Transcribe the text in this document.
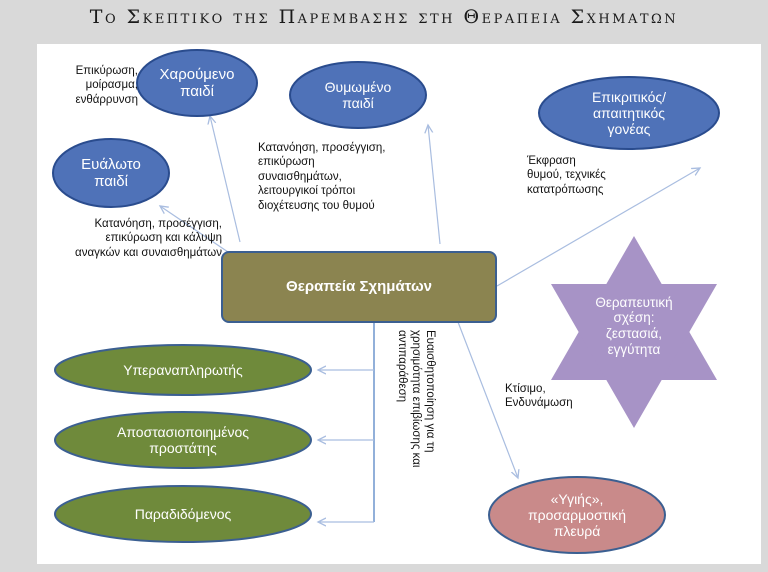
Το Σκεπτικο της Παρεμβασης στη Θεραπεια Σχηματων
Χαρούμενο
παιδί	Θυμωμένο
παιδί	Επικριτικός/
απαιτητικός
γονέας
Ευάλωτο
παιδί
Θεραπεία Σχημάτων
Θεραπευτική
σχέση:
ζεστασιά,
εγγύτητα
Υπεραναπληρωτής
Αποστασιοποιημένος
προστάτης
Παραδιδόμενος
«Υγιής»,
προσαρμοστική
πλευρά
Επικύρωση,
μοίρασμα,
ενθάρρυνση
Κατανόηση, προσέγγιση,
επικύρωση
συναισθημάτων,
λειτουργικοί τρόποι
διοχέτευσης του θυμού
Έκφραση
θυμού, τεχνικές
κατατρόπωσης
Κατανόηση, προσέγγιση,
επικύρωση και κάλυψη
αναγκών και συναισθημάτων
Κτίσιμο,
Ενδυνάμωση
Ευαισθητοποίηση για τη
χρησιμότητα επιβίωσης και
αντιπαράθεση
